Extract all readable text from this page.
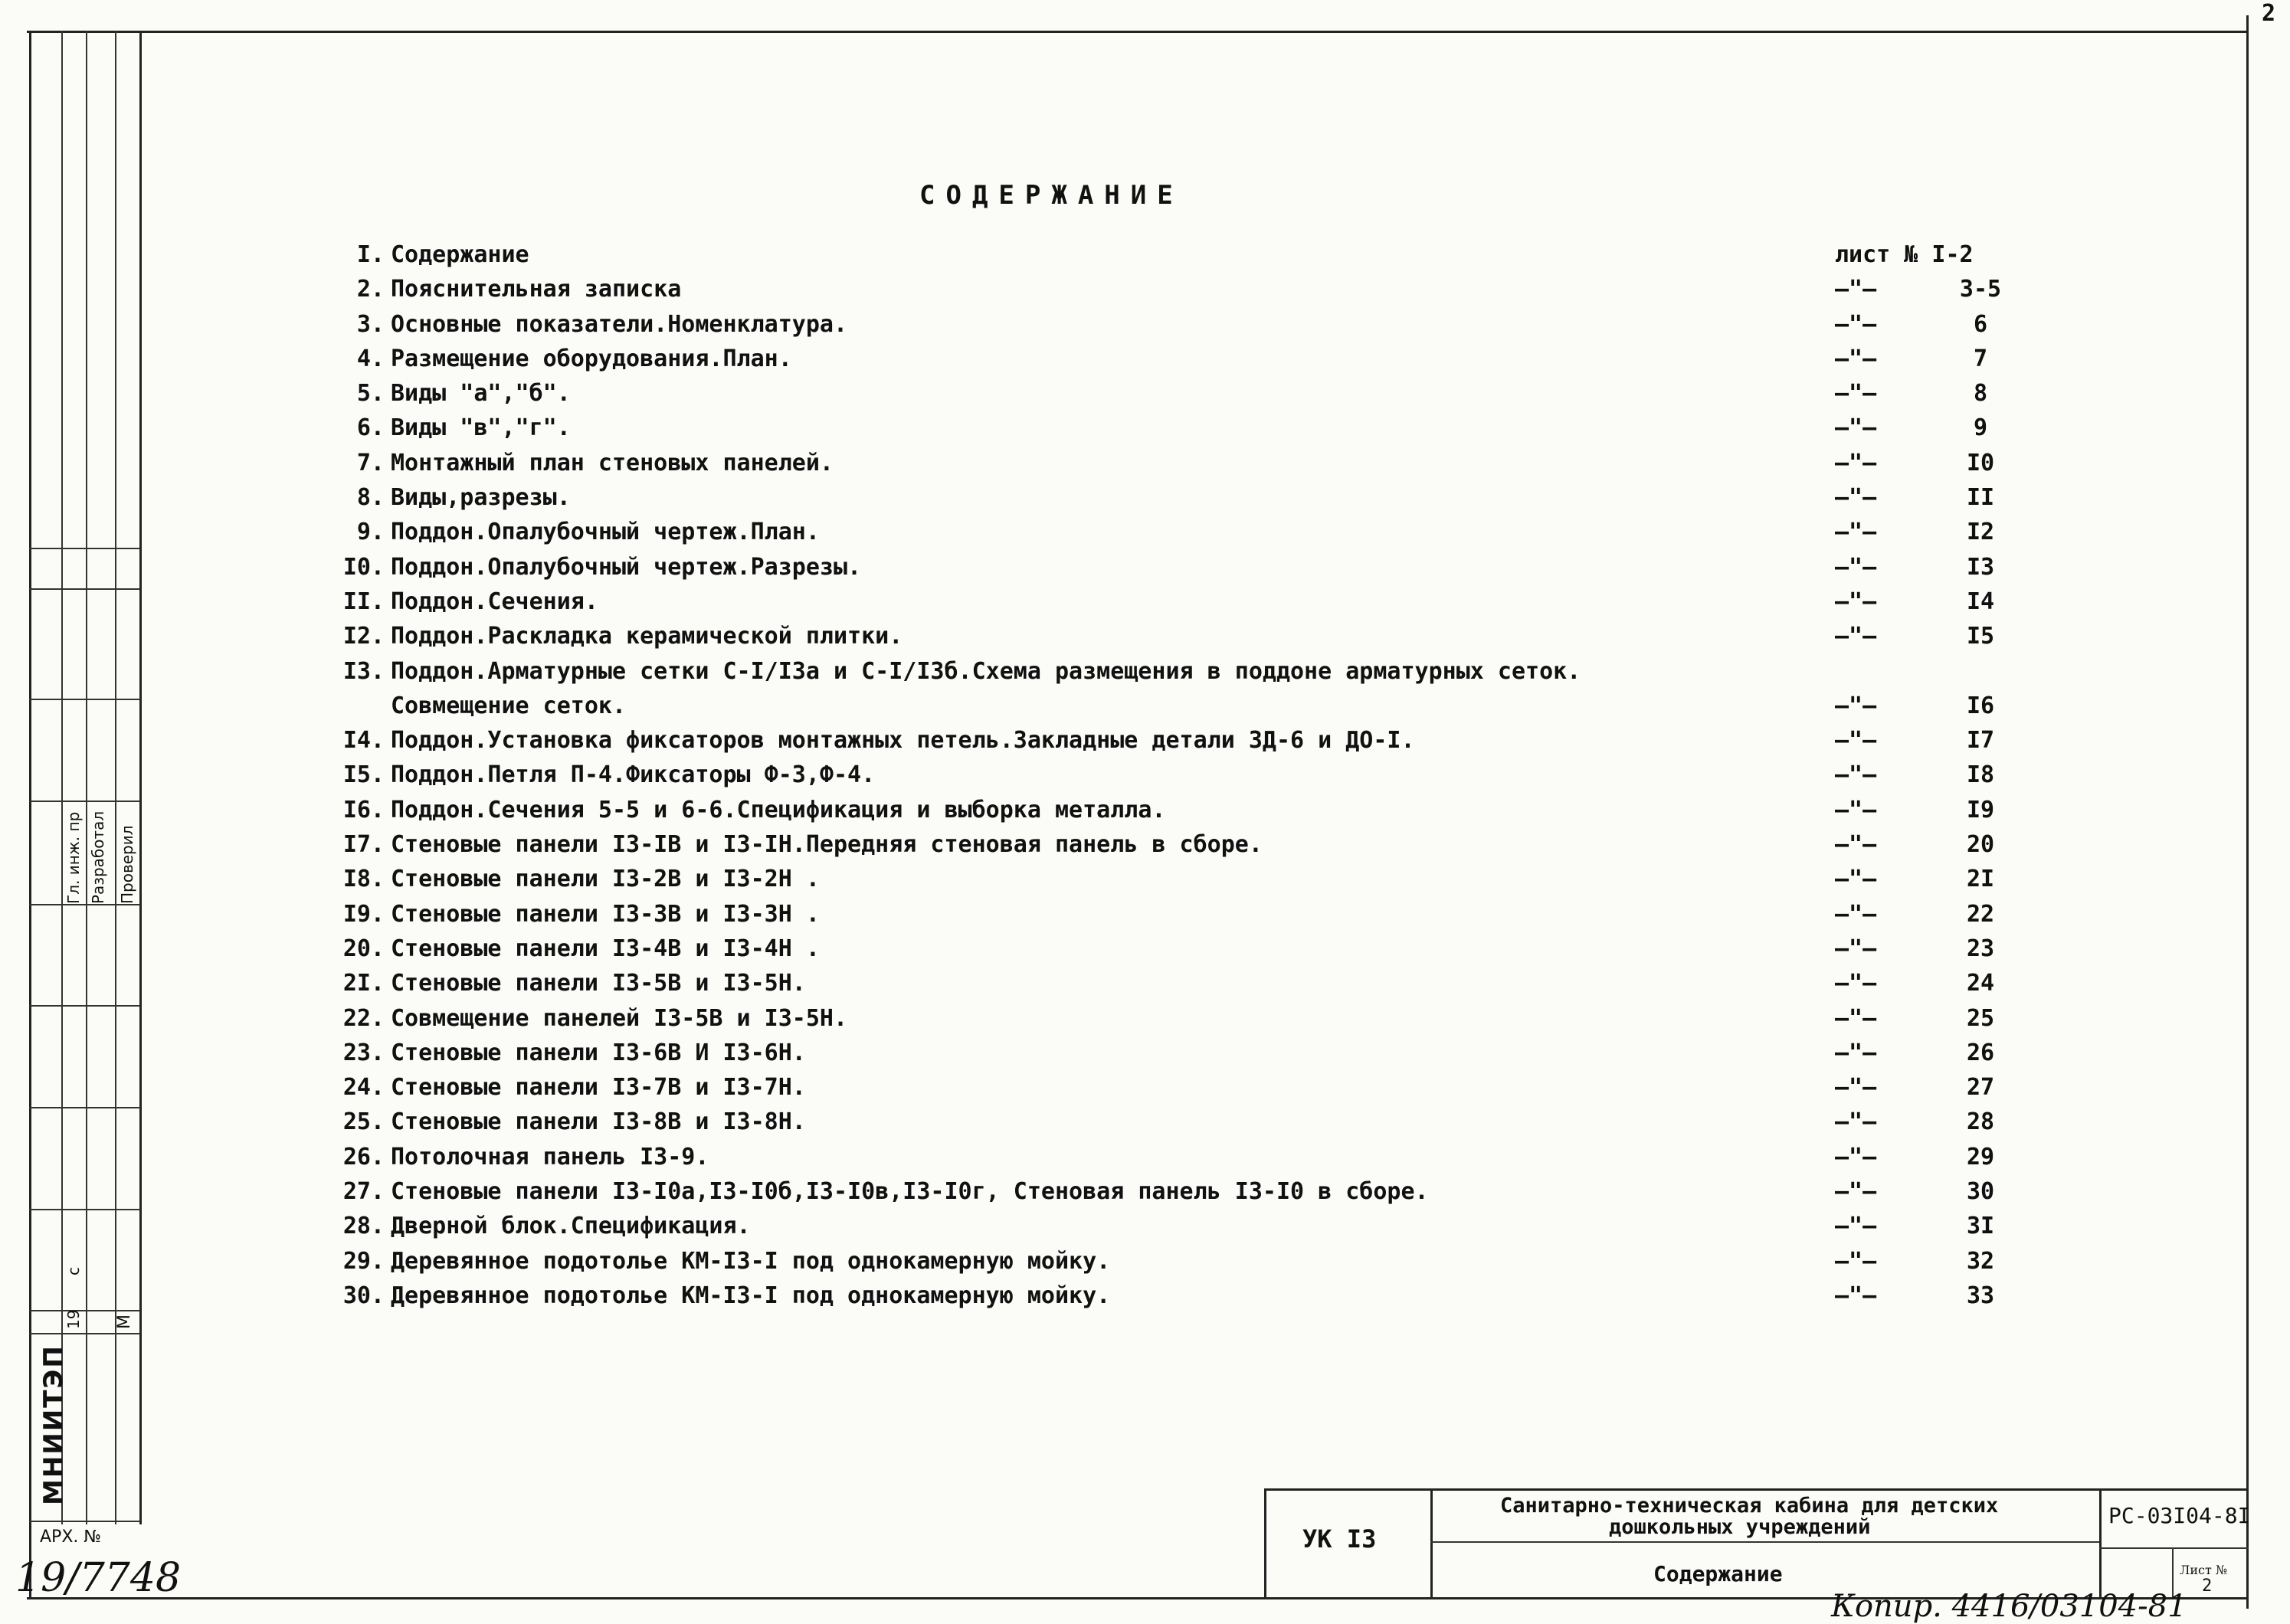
2
Гл. инж. пр Разработал Проверил
с
19 М
МНИИТЭП
АРХ. №
19/7748
СОДЕРЖАНИЕ
I. Содержание	лист № I-2
2. Пояснительная записка	–"–	3-5
3. Основные показатели.Номенклатура.	–"–	6
4. Размещение оборудования.План.	–"–	7
5. Виды "а","б".	–"–	8
6. Виды "в","г".	–"–	9
7. Монтажный план стеновых панелей.	–"–	I0
8. Виды,разрезы.	–"–	II
9. Поддон.Опалубочный чертеж.План.	–"–	I2
I0. Поддон.Опалубочный чертеж.Разрезы.	–"–	I3
II. Поддон.Сечения.	–"–	I4
I2. Поддон.Раскладка керамической плитки.	–"–	I5
I3. Поддон.Арматурные сетки С-I/I3а и С-I/I3б.Схема размещения в поддоне арматурных сеток.
Совмещение сеток.	–"–	I6
I4. Поддон.Установка фиксаторов монтажных петель.Закладные детали ЗД-6 и ДО-I.	–"–	I7
I5. Поддон.Петля П-4.Фиксаторы Ф-3,Ф-4.	–"–	I8
I6. Поддон.Сечения 5-5 и 6-6.Спецификация и выборка металла.	–"–	I9
I7. Стеновые панели I3-IВ и I3-IН.Передняя стеновая панель в сборе.	–"–	20
I8. Стеновые панели I3-2В и I3-2Н .	–"–	2I
I9. Стеновые панели I3-3В и I3-3Н .	–"–	22
20. Стеновые панели I3-4В и I3-4Н .	–"–	23
2I. Стеновые панели I3-5В и I3-5Н.	–"–	24
22. Совмещение панелей I3-5В и I3-5Н.	–"–	25
23. Стеновые панели I3-6В И I3-6Н.	–"–	26
24. Стеновые панели I3-7В и I3-7Н.	–"–	27
25. Стеновые панели I3-8В и I3-8Н.	–"–	28
26. Потолочная панель I3-9.	–"–	29
27. Стеновые панели I3-I0а,I3-I0б,I3-I0в,I3-I0г, Стеновая панель I3-I0 в сборе.	–"–	30
28. Дверной блок.Спецификация.	–"–	3I
29. Деревянное подотолье КМ-I3-I под однокамерную мойку.	–"–	32
30. Деревянное подотолье КМ-I3-I под однокамерную мойку.	–"–	33
УК I3
Санитарно-техническая кабина для детских
дошкольных учреждений
Содержание
РС-03I04-8I
Лист №
2
Копир. 4416/03104-81
